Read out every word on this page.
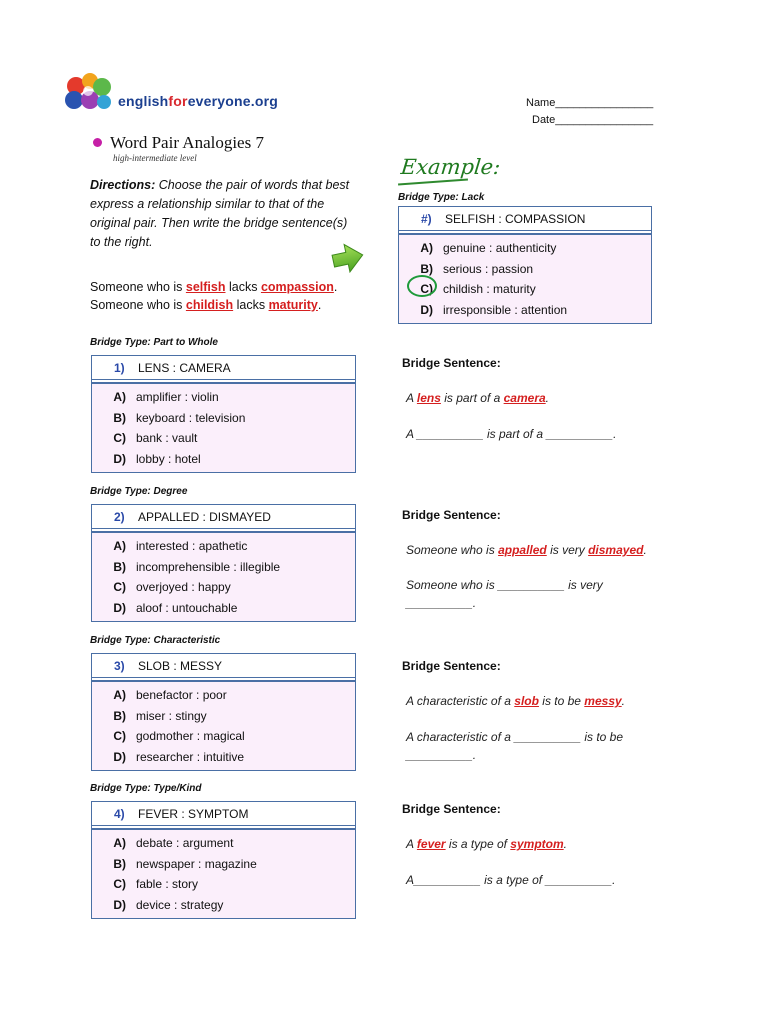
englishforeveryone.org	Name________________
Date________________
Word Pair Analogies 7
high-intermediate level
Directions: Choose the pair of words that best express a relationship similar to that of the original pair. Then write the bridge sentence(s) to the right.
Someone who is selfish lacks compassion.
Someone who is childish lacks maturity.
Example:
Bridge Type: Lack
#)	SELFISH : COMPASSION
A) genuine : authenticity
B) serious : passion
C) childish : maturity
D) irresponsible : attention
Bridge Type: Part to Whole
1)	LENS : CAMERA
A) amplifier : violin
B) keyboard : television
C) bank : vault
D) lobby : hotel
Bridge Sentence:
A lens is part of a camera.
A __________ is part of a __________.
Bridge Type: Degree
2)	APPALLED : DISMAYED
A) interested : apathetic
B) incomprehensible : illegible
C) overjoyed : happy
D) aloof : untouchable
Bridge Sentence:
Someone who is appalled is very dismayed.
Someone who is __________ is very
__________.
Bridge Type: Characteristic
3)	SLOB : MESSY
A) benefactor : poor
B) miser : stingy
C) godmother : magical
D) researcher : intuitive
Bridge Sentence:
A characteristic of a slob is to be messy.
A characteristic of a __________ is to be
__________.
Bridge Type: Type/Kind
4)	FEVER : SYMPTOM
A) debate : argument
B) newspaper : magazine
C) fable : story
D) device : strategy
Bridge Sentence:
A fever is a type of symptom.
A__________ is a type of __________.
